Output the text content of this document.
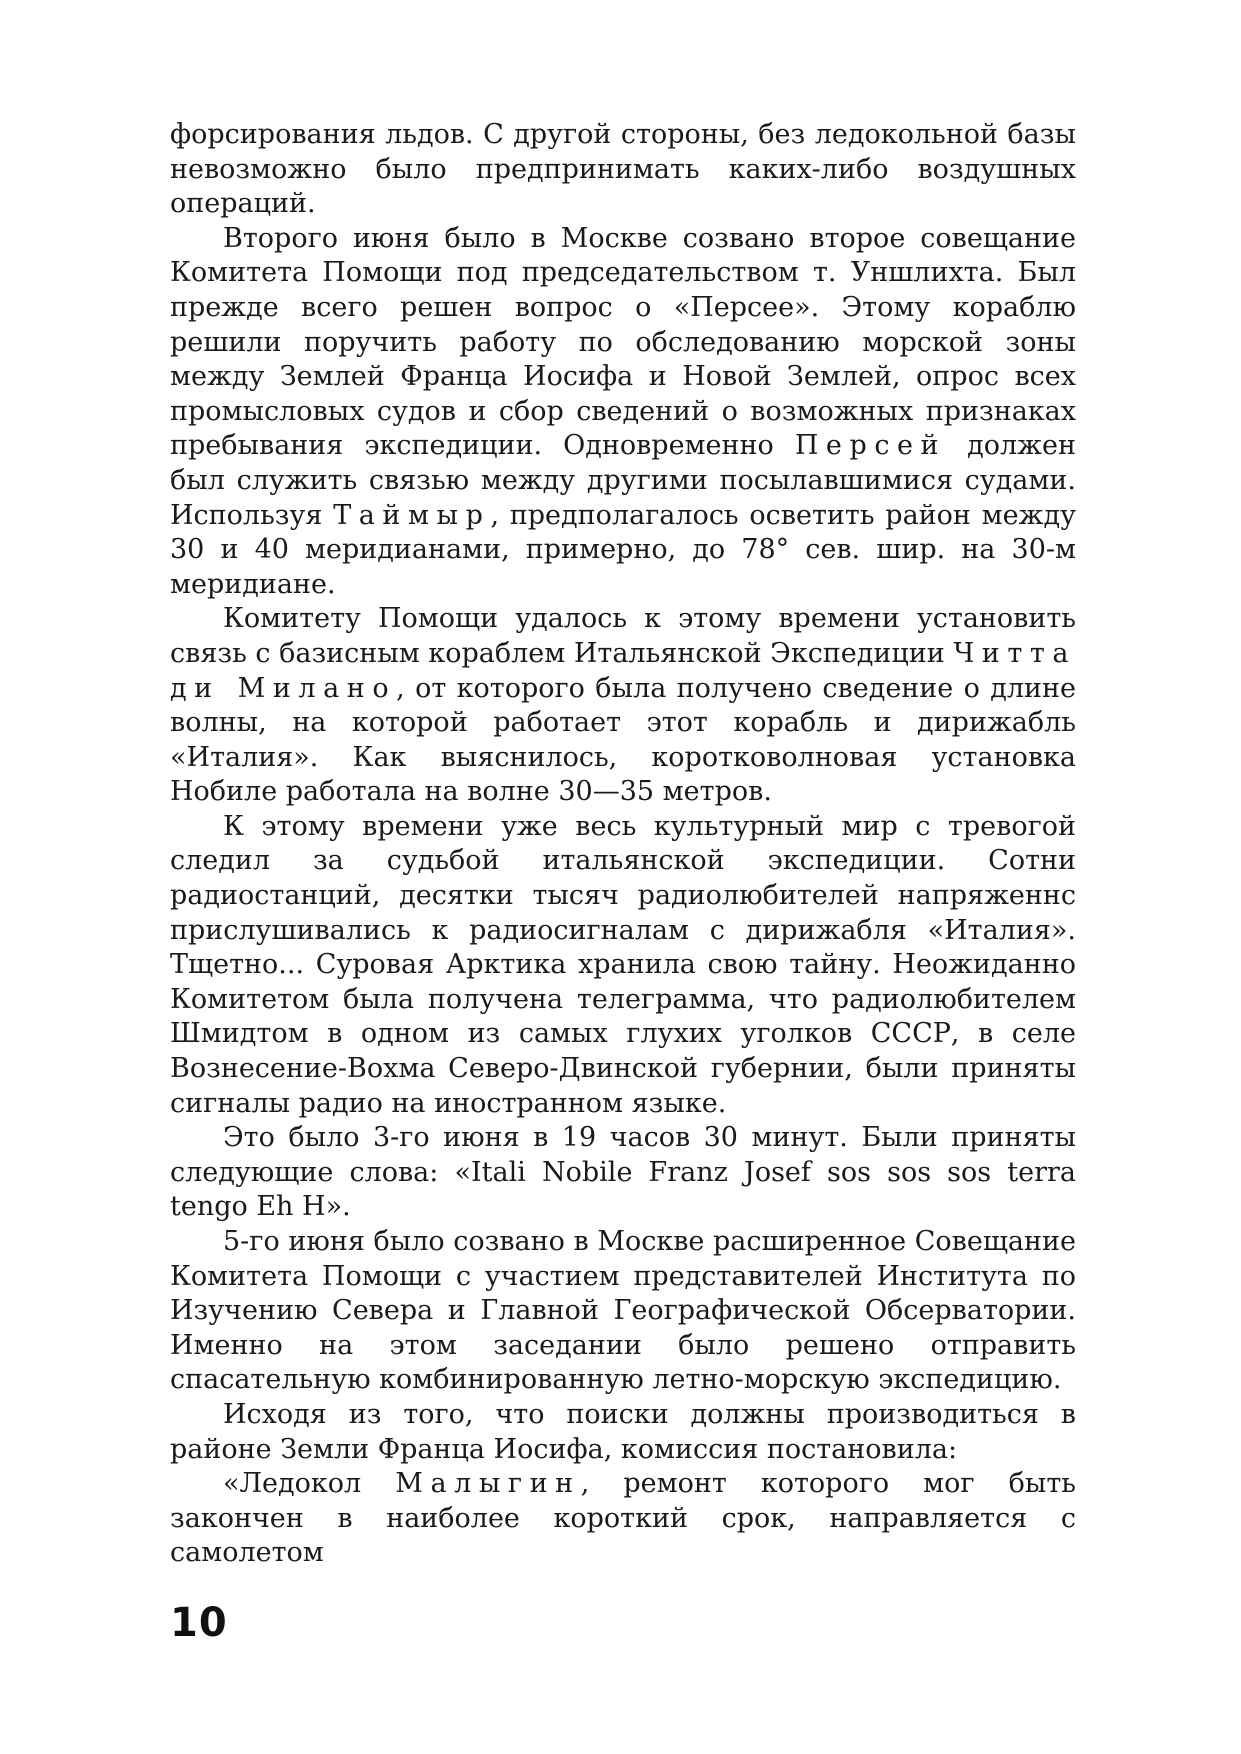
форсирования льдов. С другой стороны, без ледокольной базы невозможно было предпринимать каких-либо воздушных операций.

Второго июня было в Москве созвано второе совещание Комитета Помощи под председательством т. Уншлихта. Был прежде всего решен вопрос о «Персее». Этому кораблю решили поручить работу по обследованию морской зоны между Землей Франца Иосифа и Новой Землей, опрос всех промысловых судов и сбор сведений о возможных признаках пребывания экспедиции. Одновременно Персей должен был служить связью между другими посылавшимися судами. Используя Таймыр, предполагалось осветить район между 30 и 40 меридианами, примерно, до 78° сев. шир. на 30-м меридиане.

Комитету Помощи удалось к этому времени установить связь с базисным кораблем Итальянской Экспедиции Читта ди Милано, от которого была получено сведение о длине волны, на которой работает этот корабль и дирижабль «Италия». Как выяснилось, коротковолновая установка Нобиле работала на волне 30—35 метров.

К этому времени уже весь культурный мир с тревогой следил за судьбой итальянской экспедиции. Сотни радиостанций, десятки тысяч радиолюбителей напряженнс прислушивались к радиосигналам с дирижабля «Италия». Тщетно... Суровая Арктика хранила свою тайну. Неожиданно Комитетом была получена телеграмма, что радиолюбителем Шмидтом в одном из самых глухих уголков СССР, в селе Вознесение-Вохма Северо-Двинской губернии, были приняты сигналы радио на иностранном языке.

Это было 3-го июня в 19 часов 30 минут. Были приняты следующие слова: «Itali Nobile Franz Josef sos sos sos terra tengo Eh H».

5-го июня было созвано в Москве расширенное Совещание Комитета Помощи с участием представителей Института по Изучению Севера и Главной Географической Обсерватории. Именно на этом заседании было решено отправить спасательную комбинированную летно-морскую экспедицию.

Исходя из того, что поиски должны производиться в районе Земли Франца Иосифа, комиссия постановила:

«Ледокол Малыгин, ремонт которого мог быть закончен в наиболее короткий срок, направляется с самолетом

10
